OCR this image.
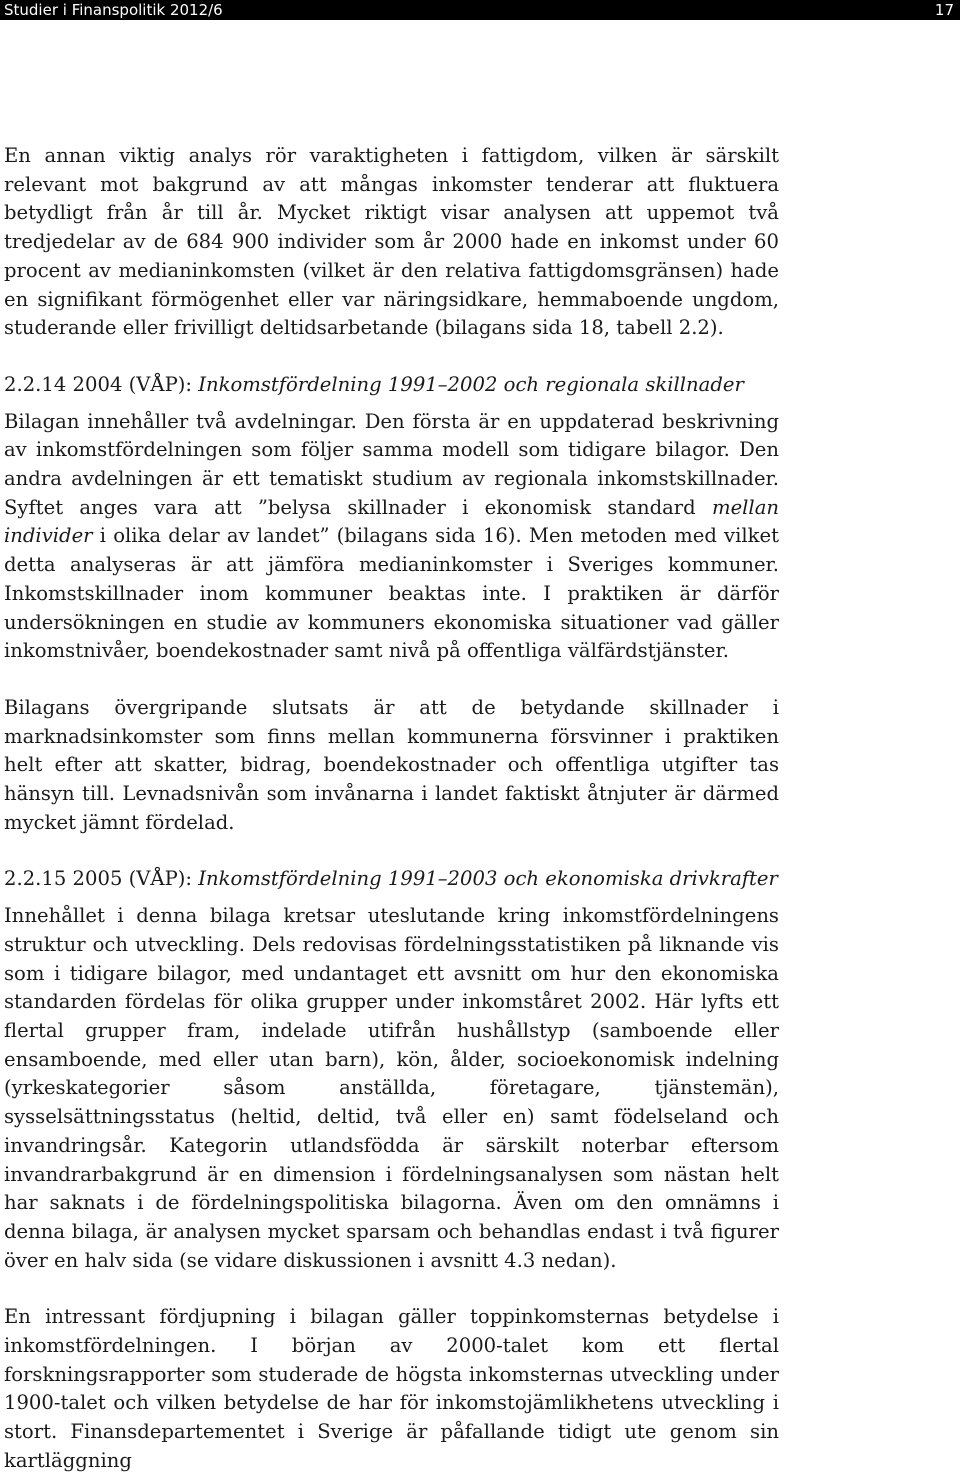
Studier i Finanspolitik 2012/6	17

En annan viktig analys rör varaktigheten i fattigdom, vilken är särskilt relevant mot bakgrund av att mångas inkomster tenderar att fluktuera betydligt från år till år. Mycket riktigt visar analysen att uppemot två tredjedelar av de 684 900 individer som år 2000 hade en inkomst under 60 procent av medianinkomsten (vilket är den relativa fattigdomsgränsen) hade en signifikant förmögenhet eller var näringsidkare, hemmaboende ungdom, studerande eller frivilligt deltidsarbetande (bilagans sida 18, tabell 2.2).

2.2.14 2004 (VÅP): Inkomstfördelning 1991–2002 och regionala skillnader

Bilagan innehåller två avdelningar. Den första är en uppdaterad beskrivning av inkomstfördelningen som följer samma modell som tidigare bilagor. Den andra avdelningen är ett tematiskt studium av regionala inkomstskillnader. Syftet anges vara att ”belysa skillnader i ekonomisk standard mellan individer i olika delar av landet” (bilagans sida 16). Men metoden med vilket detta analyseras är att jämföra medianinkomster i Sveriges kommuner. Inkomstskillnader inom kommuner beaktas inte. I praktiken är därför undersökningen en studie av kommuners ekonomiska situationer vad gäller inkomstnivåer, boendekostnader samt nivå på offentliga välfärdstjänster.

Bilagans övergripande slutsats är att de betydande skillnader i marknadsinkomster som finns mellan kommunerna försvinner i praktiken helt efter att skatter, bidrag, boendekostnader och offentliga utgifter tas hänsyn till. Levnadsnivån som invånarna i landet faktiskt åtnjuter är därmed mycket jämnt fördelad.

2.2.15 2005 (VÅP): Inkomstfördelning 1991–2003 och ekonomiska drivkrafter

Innehållet i denna bilaga kretsar uteslutande kring inkomstfördelningens struktur och utveckling. Dels redovisas fördelningsstatistiken på liknande vis som i tidigare bilagor, med undantaget ett avsnitt om hur den ekonomiska standarden fördelas för olika grupper under inkomståret 2002. Här lyfts ett flertal grupper fram, indelade utifrån hushållstyp (samboende eller ensamboende, med eller utan barn), kön, ålder, socioekonomisk indelning (yrkeskategorier såsom anställda, företagare, tjänstemän), sysselsättningsstatus (heltid, deltid, två eller en) samt födelseland och invandringsår. Kategorin utlandsfödda är särskilt noterbar eftersom invandrarbakgrund är en dimension i fördelningsanalysen som nästan helt har saknats i de fördelningspolitiska bilagorna. Även om den omnämns i denna bilaga, är analysen mycket sparsam och behandlas endast i två figurer över en halv sida (se vidare diskussionen i avsnitt 4.3 nedan).

En intressant fördjupning i bilagan gäller toppinkomsternas betydelse i inkomstfördelningen. I början av 2000-talet kom ett flertal forskningsrapporter som studerade de högsta inkomsternas utveckling under 1900-talet och vilken betydelse de har för inkomstojämlikhetens utveckling i stort. Finansdepartementet i Sverige är påfallande tidigt ute genom sin kartläggning
